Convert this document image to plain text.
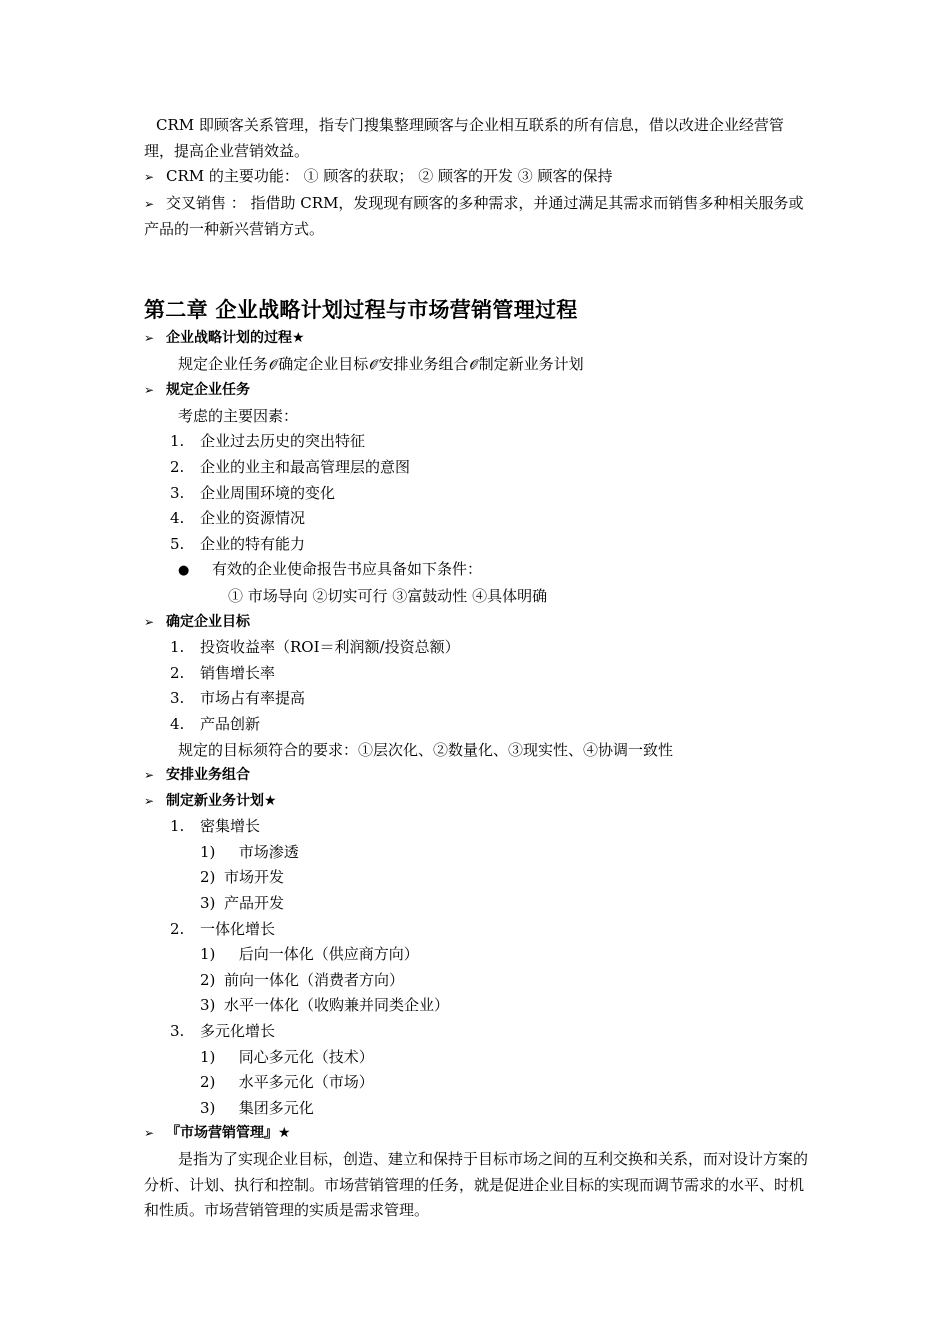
CRM 即顾客关系管理，指专门搜集整理顾客与企业相互联系的所有信息，借以改进企业经营管理，提高企业营销效益。

➢ CRM 的主要功能： ① 顾客的获取； ② 顾客的开发 ③ 顾客的保持

➢ 交叉销售 ： 指借助 CRM，发现现有顾客的多种需求，并通过满足其需求而销售多种相关服务或产品的一种新兴营销方式。

第二章 企业战略计划过程与市场营销管理过程
➢ 企业战略计划的过程★
规定企业任务𝒪̸确定企业目标𝒪̸安排业务组合𝒪̸制定新业务计划
➢ 规定企业任务
考虑的主要因素：
1. 企业过去历史的突出特征
2. 企业的业主和最高管理层的意图
3. 企业周围环境的变化
4. 企业的资源情况
5. 企业的特有能力
● 有效的企业使命报告书应具备如下条件：
① 市场导向 ②切实可行 ③富鼓动性 ④具体明确
➢ 确定企业目标
1. 投资收益率（ROI＝利润额/投资总额）
2. 销售增长率
3. 市场占有率提高
4. 产品创新
规定的目标须符合的要求：①层次化、②数量化、③现实性、④协调一致性
➢ 安排业务组合
➢ 制定新业务计划★
1. 密集增长
1) 市场渗透
2) 市场开发
3) 产品开发
2. 一体化增长
1) 后向一体化（供应商方向）
2) 前向一体化（消费者方向）
3) 水平一体化（收购兼并同类企业）
3. 多元化增长
1) 同心多元化（技术）
2) 水平多元化（市场）
3) 集团多元化
➢ 『市场营销管理』★
是指为了实现企业目标，创造、建立和保持于目标市场之间的互利交换和关系，而对设计方案的分析、计划、执行和控制。市场营销管理的任务，就是促进企业目标的实现而调节需求的水平、时机和性质。市场营销管理的实质是需求管理。
